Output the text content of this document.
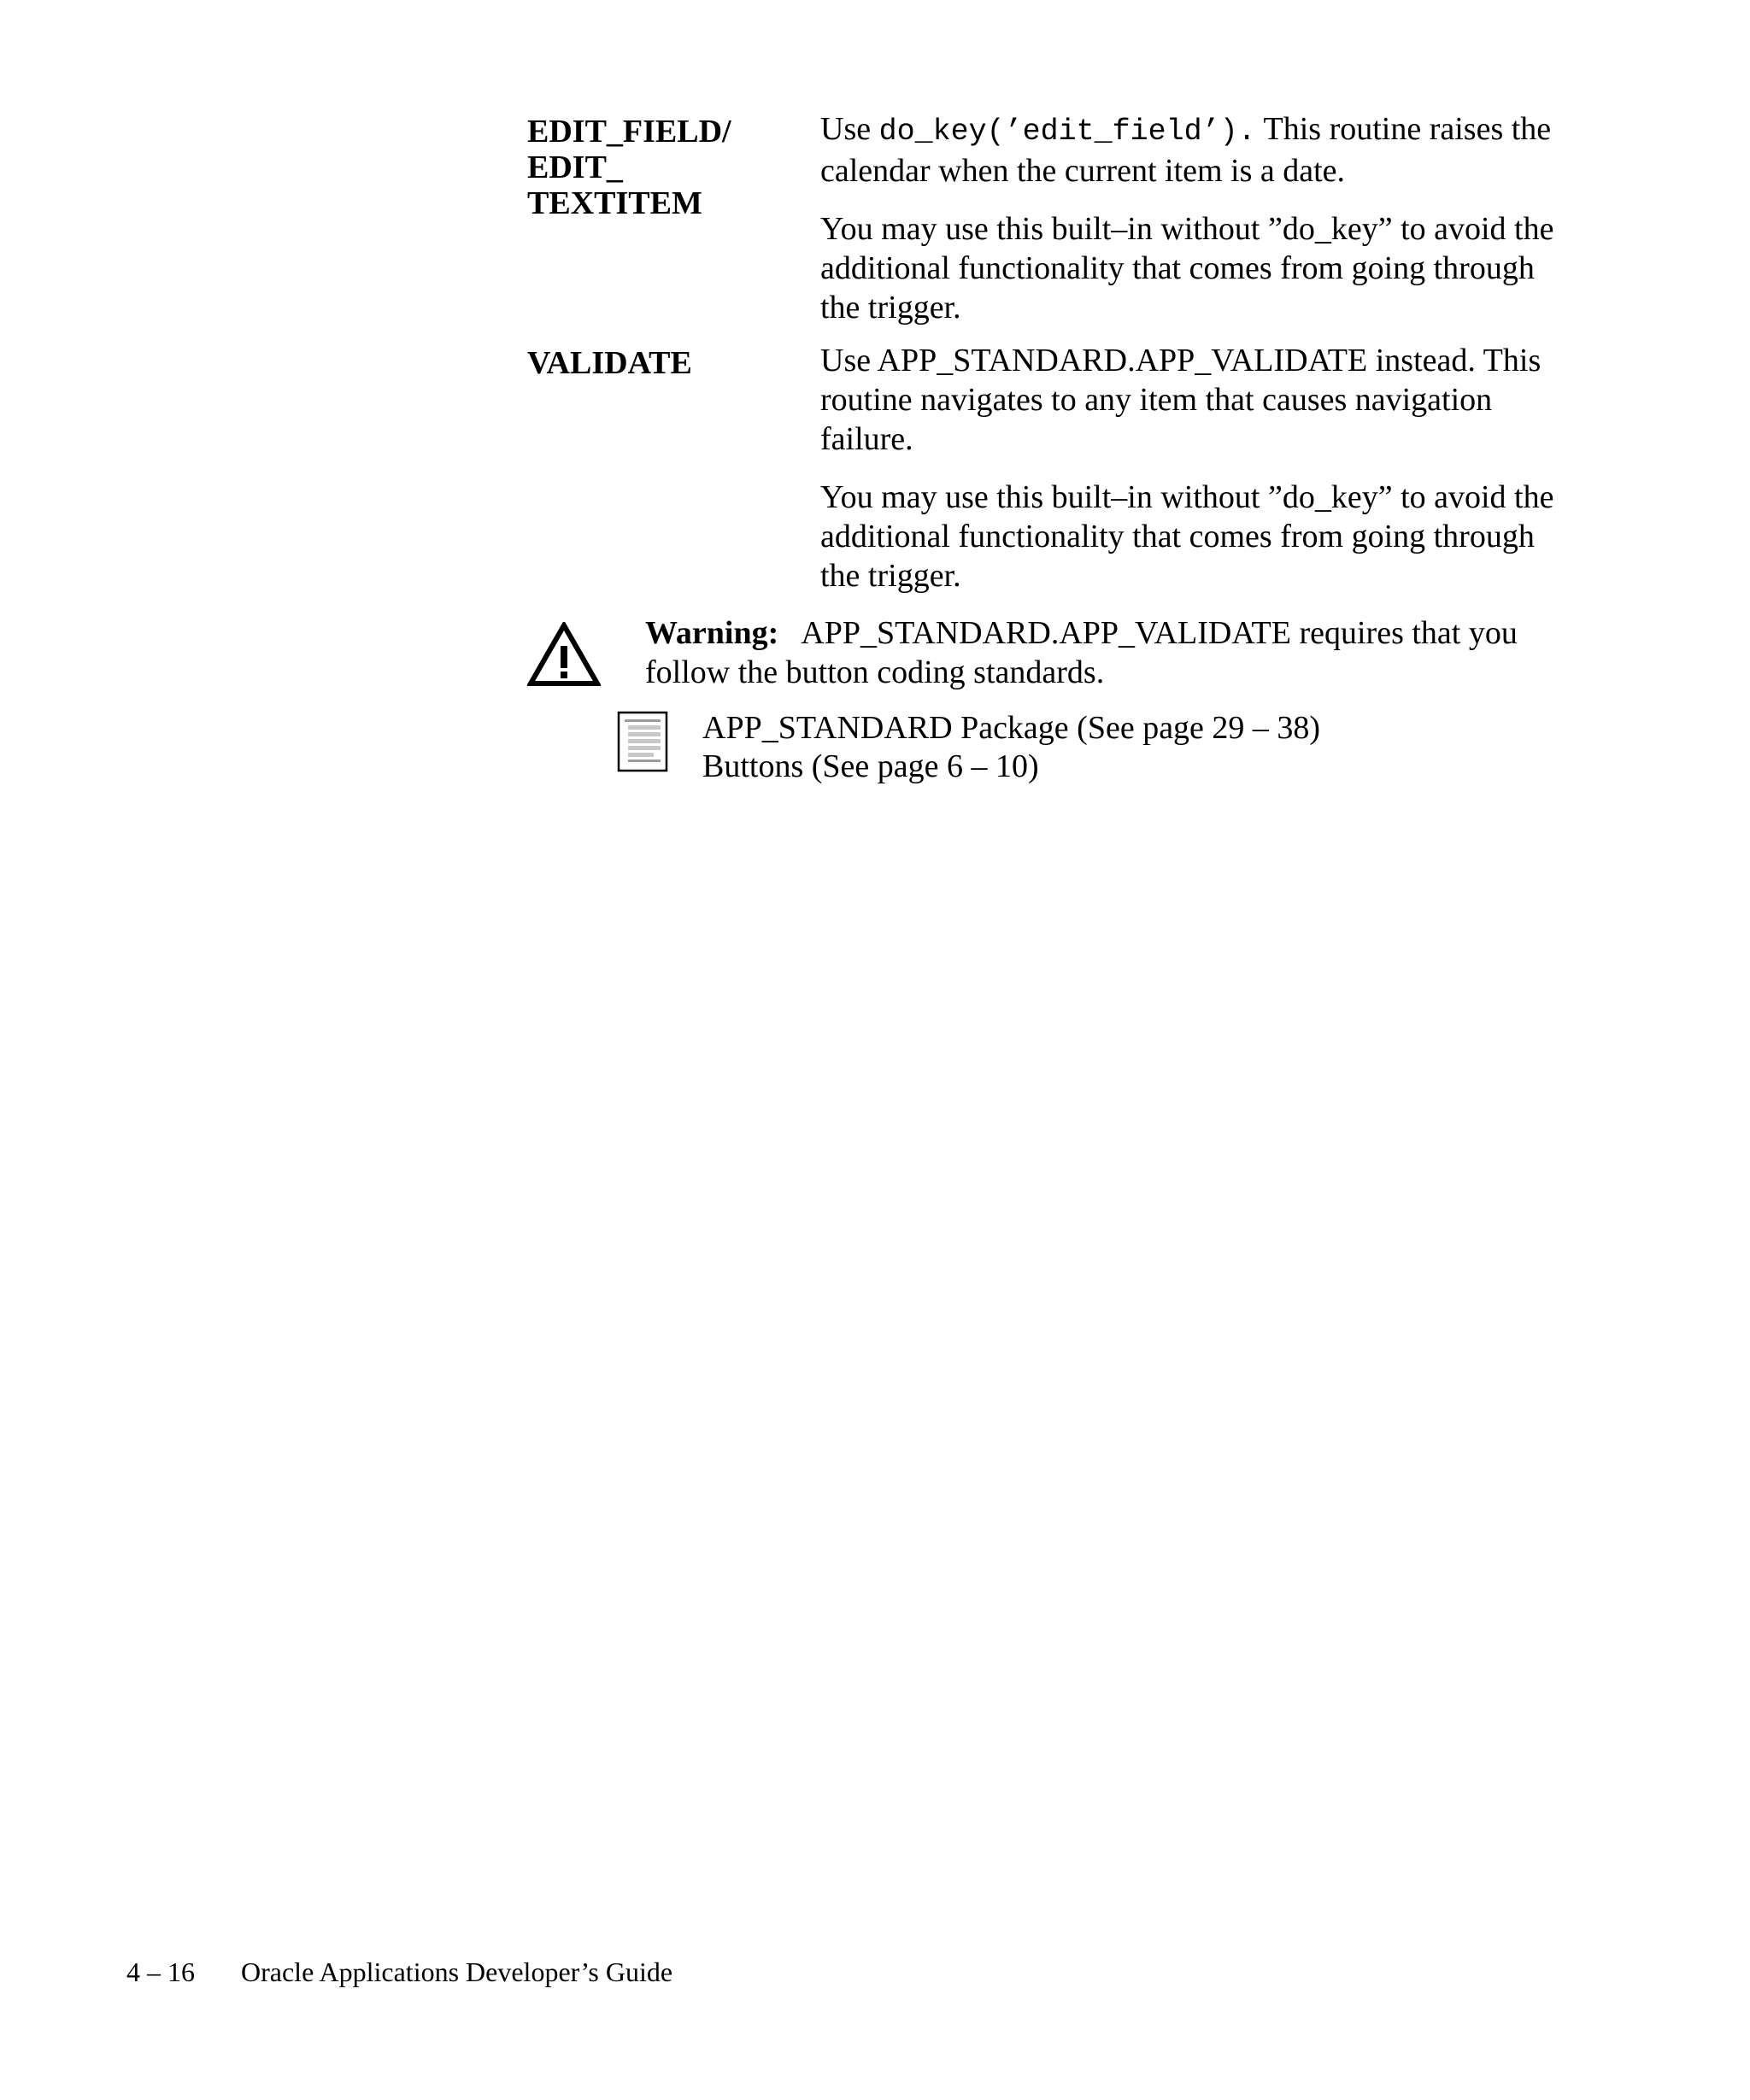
EDIT_FIELD/
EDIT_
TEXTITEM

Use do_key(’edit_field’). This routine raises the calendar when the current item is a date.

You may use this built–in without ”do_key” to avoid the additional functionality that comes from going through the trigger.

VALIDATE	Use APP_STANDARD.APP_VALIDATE instead. This routine navigates to any item that causes navigation failure.

You may use this built–in without ”do_key” to avoid the additional functionality that comes from going through the trigger.

Warning: APP_STANDARD.APP_VALIDATE requires that you follow the button coding standards.
APP_STANDARD Package (See page 29 – 38)
Buttons (See page 6 – 10)
4 – 16 Oracle Applications Developer’s Guide
